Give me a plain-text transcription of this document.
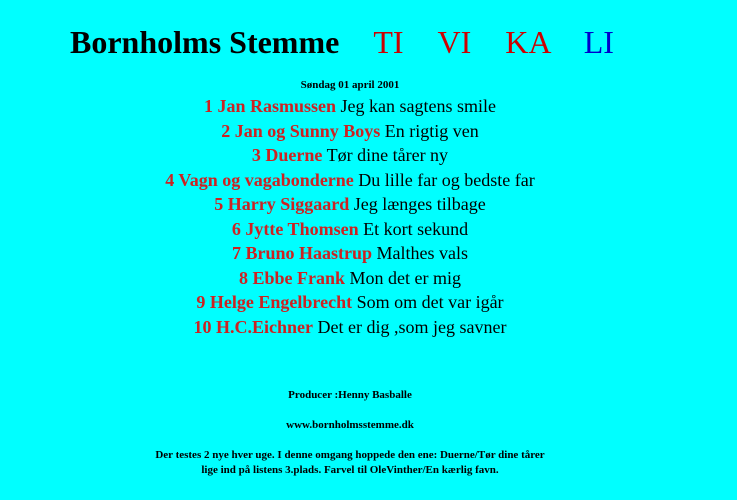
Bornholms Stemme TI VI KA LI
Søndag 01 april 2001
1 Jan Rasmussen Jeg kan sagtens smile
2 Jan og Sunny Boys En rigtig ven
3 Duerne Tør dine tårer ny
4 Vagn og vagabonderne Du lille far og bedste far
5 Harry Siggaard Jeg længes tilbage
6 Jytte Thomsen Et kort sekund
7 Bruno Haastrup Malthes vals
8 Ebbe Frank Mon det er mig
9 Helge Engelbrecht Som om det var igår
10 H.C.Eichner Det er dig ,som jeg savner
Producer :Henny Basballe
www.bornholmsstemme.dk
Der testes 2 nye hver uge. I denne omgang hoppede den ene: Duerne/Tør dine tårer
lige ind på listens 3.plads. Farvel til OleVinther/En kærlig favn.
